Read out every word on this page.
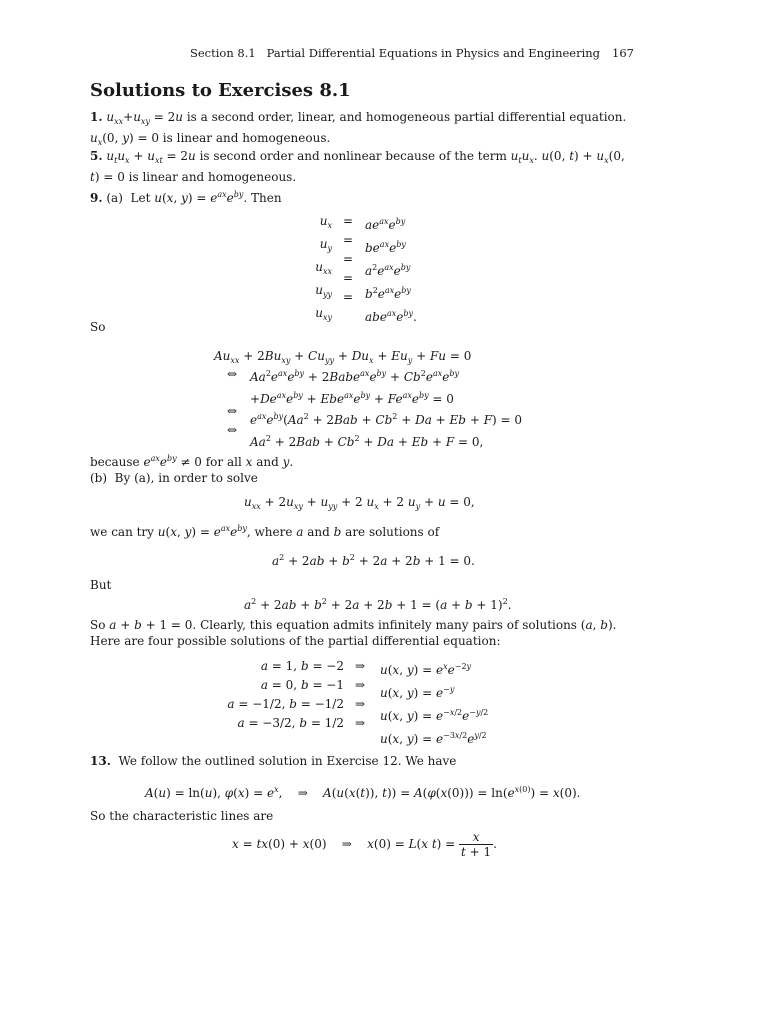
Section 8.1 Partial Differential Equations in Physics and Engineering 167
Solutions to Exercises 8.1
1. $u_{xx}+u_{xy} = 2u$ is a second order, linear, and homogeneous partial differential equation. $u_x(0$, y) = 0 is linear and homogeneous.
5. $u_tu_x + u_{xt} = 2u$ is second order and nonlinear because of the term $u_tu_x$. u(0, $t) + u_x(0$, t) = 0 is linear and homogeneous.
9. (a)  Let u(x, $y) = e^{ax}e^{by}$. Then
$u_x$
$u_y$
$u_{xx}$
$u_{yy}$
$u_{xy}$
=
=
=
=
=
$ae^{ax}e^{by}$
$be^{ax}e^{by}$
$a^2e^{ax}e^{by}$
$b^2e^{ax}e^{by}$
$abe^{ax}e^{by}$.
So
$Au_{xx} + 2Bu_{xy} + Cu_{yy} + Du_x + Eu_y + Fu = 0$

⇔

⇔
⇔
$Aa^2e^{ax}e^{by}$ + $2Babe^{ax}e^{by} + Cb^2e^{ax}e^{by}$
$+De^{ax}e^{by} + Ebe^{ax}e^{by} + Fe^{ax}e^{by} = 0$
$e^{ax}e^{by}(Aa^2 + 2Bab + Cb^2 + Da + Eb + F) = 0$
$Aa^2 + 2Bab + Cb^2 + Da + Eb + F = 0$,
because $e^{ax}e^{by} \ne 0$ for all x and y.
(b)  By (a), in order to solve
$u_{xx} + 2u_{xy} + u_{yy} + 2$ $u_x + 2$ $u_y + u = 0$,
we can try u(x, $y) = e^{ax}e^{by}$, where a and b are solutions of
$a^2 + 2ab + b^2 + 2a + 2b + 1 = 0$.
But
$a^2 + 2ab + b^2 + 2a + 2b + 1 = (a + b + 1)^2$.
So a + b + 1 = 0. Clearly, this equation admits infinitely many pairs of solutions (a, b). Here are four possible solutions of the partial differential equation:
a = 1, b = −2
a = 0, b = −1
a = −1/2, b = −1/2
a = −3/2, b = 1/2
⇒
⇒
⇒
⇒
u(x, $y) = e^xe^{-2y}$
u(x, $y) = e^{-y}$
u(x, $y) = e^{-x/2}e^{-y/2}$
u(x, $y) = e^{-3x/2}e^{y/2}$
13. We follow the outlined solution in Exercise 12. We have
A(u) = ln(u), $\varphi(x) = e^x$,    ⇒    A(u(x(t)), $t)) = A(\varphi(x(0))) = \ln(e^{x(0)}) = x(0)$.
So the characteristic lines are
x = tx(0) + x(0)    ⇒    x(0) = L(x $t) = \frac{x}{t + 1}$ .
